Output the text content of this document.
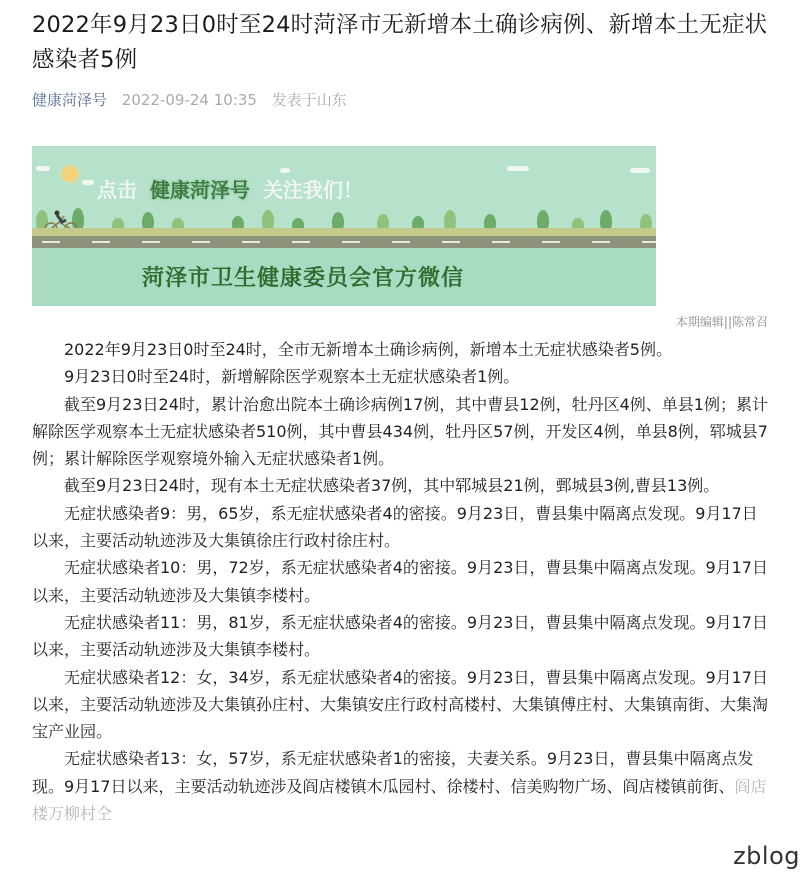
2022年9月23日0时至24时菏泽市无新增本土确诊病例、新增本土无症状感染者5例
健康菏泽号 2022-09-24 10:35 发表于山东
点击 健康菏泽号 关注我们！
菏泽市卫生健康委员会官方微信
本期编辑||陈常召

2022年9月23日0时至24时，全市无新增本土确诊病例，新增本土无症状感染者5例。

9月23日0时至24时，新增解除医学观察本土无症状感染者1例。

截至9月23日24时，累计治愈出院本土确诊病例17例，其中曹县12例，牡丹区4例、单县1例；累计解除医学观察本土无症状感染者510例，其中曹县434例，牡丹区57例，开发区4例，单县8例，郓城县7例；累计解除医学观察境外输入无症状感染者1例。

截至9月23日24时，现有本土无症状感染者37例，其中郓城县21例，鄄城县3例,曹县13例。

无症状感染者9：男，65岁，系无症状感染者4的密接。9月23日，曹县集中隔离点发现。9月17日以来，主要活动轨迹涉及大集镇徐庄行政村徐庄村。

无症状感染者10：男，72岁，系无症状感染者4的密接。9月23日，曹县集中隔离点发现。9月17日以来，主要活动轨迹涉及大集镇李楼村。

无症状感染者11：男，81岁，系无症状感染者4的密接。9月23日，曹县集中隔离点发现。9月17日以来，主要活动轨迹涉及大集镇李楼村。

无症状感染者12：女，34岁，系无症状感染者4的密接。9月23日，曹县集中隔离点发现。9月17日以来，主要活动轨迹涉及大集镇孙庄村、大集镇安庄行政村高楼村、大集镇傅庄村、大集镇南街、大集淘宝产业园。

无症状感染者13：女，57岁，系无症状感染者1的密接，夫妻关系。9月23日，曹县集中隔离点发现。9月17日以来，主要活动轨迹涉及阎店楼镇木瓜园村、徐楼村、信美购物广场、阎店楼镇前街、阎店楼万柳村仝

zblog
